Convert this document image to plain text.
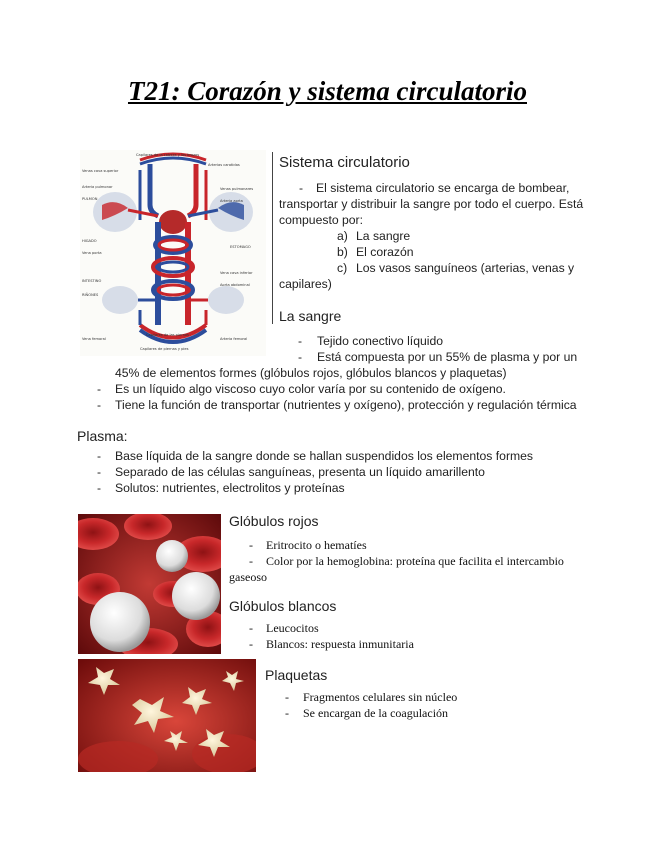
T21: Corazón y sistema circulatorio
Capilares de la cabeza y los brazos
Arterias carotidas
Venas cava superior
Arteria pulmonar
PULMON
Venas pulmonares
Arteria aorta
HIGADO
Vena porta
ESTOMAGO
INTESTINO
RIÑONES
Vena cava inferior
Aorta abdominal
Capilares de las piernas
Vena femoral	Arteria femoral
Capilares de piernas y pies
Sistema circulatorio
- El sistema circulatorio se encarga de bombear,
transportar y distribuir la sangre por todo el cuerpo. Está
compuesto por:
a) La sangre
b) El corazón
c) Los vasos sanguíneos (arterias, venas y
capilares)
La sangre
- Tejido conectivo líquido
- Está compuesta por un 55% de plasma y por un
45% de elementos formes (glóbulos rojos, glóbulos blancos y plaquetas)
- Es un líquido algo viscoso cuyo color varía por su contenido de oxígeno.
- Tiene la función de transportar (nutrientes y oxígeno), protección y regulación térmica
Plasma:
- Base líquida de la sangre donde se hallan suspendidos los elementos formes
- Separado de las células sanguíneas, presenta un líquido amarillento
- Solutos: nutrientes, electrolitos y proteínas
Glóbulos rojos
- Eritrocito o hematíes
- Color por la hemoglobina: proteína que facilita el intercambio
gaseoso
Glóbulos blancos
- Leucocitos
- Blancos: respuesta inmunitaria
Plaquetas
- Fragmentos celulares sin núcleo
- Se encargan de la coagulación
